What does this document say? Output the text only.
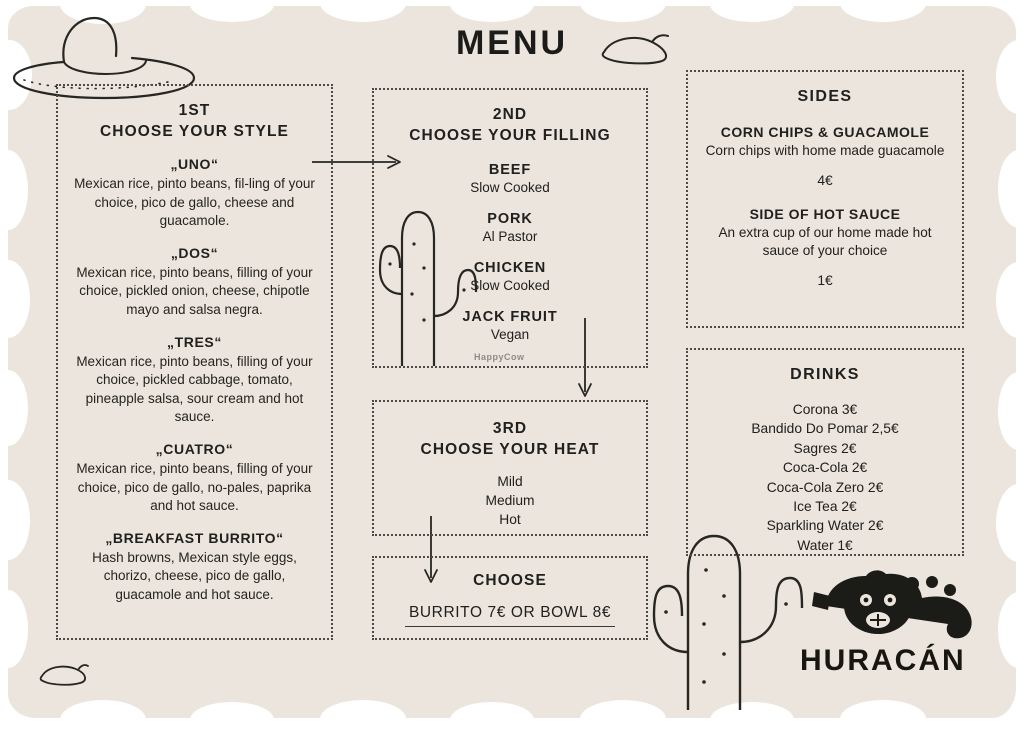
MENU
HURACÁN
1ST
CHOOSE YOUR STYLE
„UNO“
Mexican rice, pinto beans, fil-ling of your choice, pico de gallo, cheese and guacamole.
„DOS“
Mexican rice, pinto beans, filling of your choice, pickled onion, cheese, chipotle mayo and salsa negra.
„TRES“
Mexican rice, pinto beans, filling of your choice, pickled cabbage, tomato, pineapple salsa, sour cream and hot sauce.
„CUATRO“
Mexican rice, pinto beans, filling of your choice, pico de gallo, no-pales, paprika and hot sauce.
„BREAKFAST BURRITO“
Hash browns, Mexican style eggs, chorizo, cheese, pico de gallo, guacamole and hot sauce.
2ND
CHOOSE YOUR FILLING
BEEF
Slow Cooked
PORK
Al Pastor
CHICKEN
Slow Cooked
JACK FRUIT
Vegan
HappyCow
3RD
CHOOSE YOUR HEAT
Mild
Medium
Hot
CHOOSE
BURRITO 7€ OR BOWL 8€
SIDES
CORN CHIPS & GUACAMOLE
Corn chips with home made guacamole
4€
SIDE OF HOT SAUCE
An extra cup of our home made hot sauce of your choice
1€
DRINKS
Corona 3€
Bandido Do Pomar 2,5€
Sagres 2€
Coca-Cola 2€
Coca-Cola Zero 2€
Ice Tea 2€
Sparkling Water 2€
Water 1€
